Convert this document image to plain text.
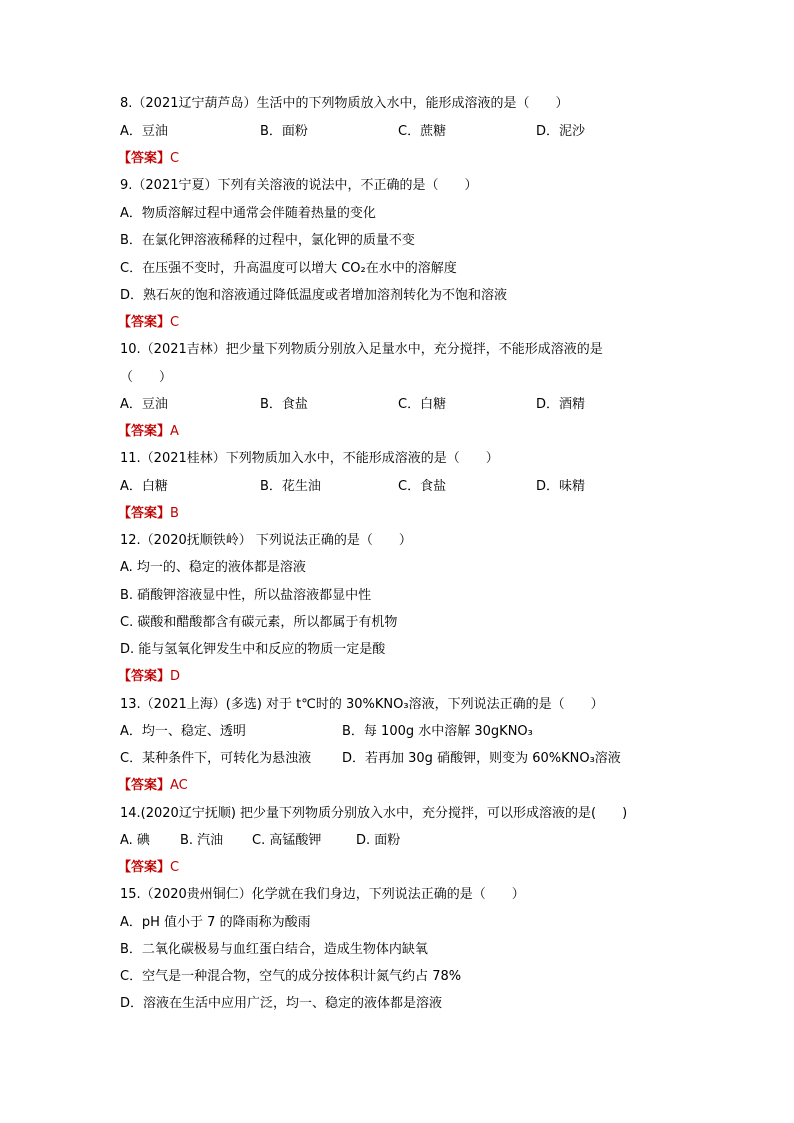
8.（2021辽宁葫芦岛）生活中的下列物质放入水中，能形成溶液的是（　　）
A．豆油	B．面粉	C．蔗糖	D．泥沙
【答案】C
9.（2021宁夏）下列有关溶液的说法中，不正确的是（　　）
A．物质溶解过程中通常会伴随着热量的变化
B．在氯化钾溶液稀释的过程中，氯化钾的质量不变
C．在压强不变时，升高温度可以增大 CO₂在水中的溶解度
D．熟石灰的饱和溶液通过降低温度或者增加溶剂转化为不饱和溶液
【答案】C
10.（2021吉林）把少量下列物质分别放入足量水中，充分搅拌，不能形成溶液的是
（　　）
A．豆油	B．食盐	C．白糖	D．酒精
【答案】A
11.（2021桂林）下列物质加入水中，不能形成溶液的是（　　）
A．白糖	B．花生油	C．食盐	D．味精
【答案】B
12.（2020抚顺铁岭） 下列说法正确的是（　　）
A. 均一的、稳定的液体都是溶液
B. 硝酸钾溶液显中性，所以盐溶液都显中性
C. 碳酸和醋酸都含有碳元素，所以都属于有机物
D. 能与氢氧化钾发生中和反应的物质一定是酸
【答案】D
13.（2021上海）(多选) 对于 t℃时的 30%KNO₃溶液，下列说法正确的是（　　）
A．均一、稳定、透明	B．每 100g 水中溶解 30gKNO₃
C．某种条件下，可转化为悬浊液 D．若再加 30g 硝酸钾，则变为 60%KNO₃溶液
【答案】AC
14.(2020辽宁抚顺) 把少量下列物质分别放入水中，充分搅拌，可以形成溶液的是(　　)
A. 碘 B. 汽油 C. 高锰酸钾	D. 面粉
【答案】C
15.（2020贵州铜仁）化学就在我们身边，下列说法正确的是（　　）
A．pH 值小于 7 的降雨称为酸雨
B．二氧化碳极易与血红蛋白结合，造成生物体内缺氧
C．空气是一种混合物，空气的成分按体积计氮气约占 78%
D．溶液在生活中应用广泛，均一、稳定的液体都是溶液
